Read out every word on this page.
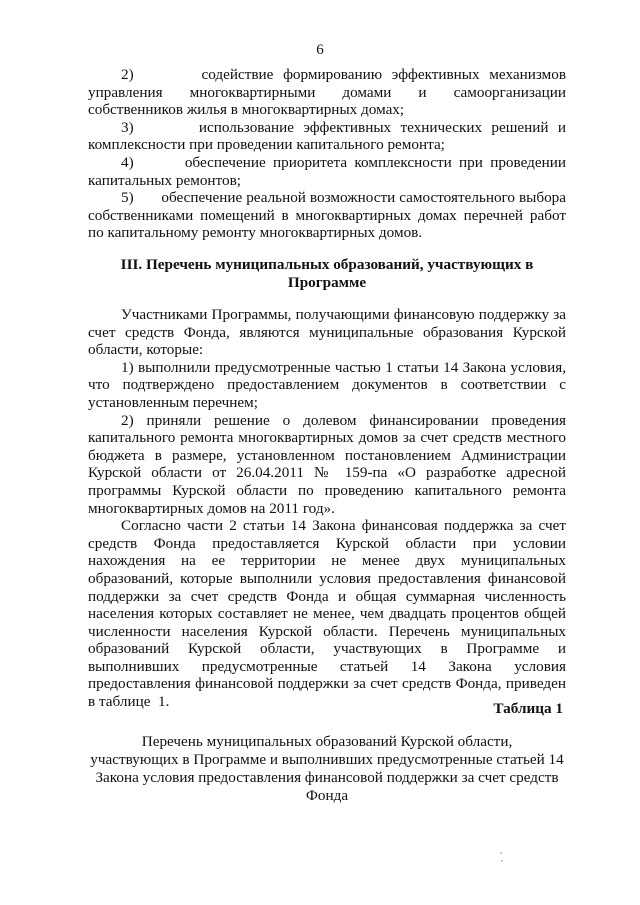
6

2)       содействие формированию эффективных механизмов управления многоквартирными домами и самоорганизации собственников жилья в многоквартирных домах;

3)       использование эффективных технических решений и комплексности при проведении капитального ремонта;

4)       обеспечение приоритета комплексности при проведении капитальных ремонтов;

5)       обеспечение реальной возможности самостоятельного выбора собственниками помещений в многоквартирных домах перечней работ по капитальному ремонту многоквартирных домов.

III. Перечень муниципальных образований, участвующих в
Программе

Участниками Программы, получающими финансовую поддержку за счет средств Фонда, являются муниципальные образования Курской области, которые:

1) выполнили предусмотренные частью 1 статьи 14 Закона условия, что подтверждено предоставлением документов в соответствии с установленным перечнем;

2) приняли решение о долевом финансировании проведения капитального ремонта многоквартирных домов за счет средств местного бюджета в размере, установленном постановлением Администрации Курской области от 26.04.2011 № 159-па «О разработке адресной программы Курской области по проведению капитального ремонта многоквартирных домов на 2011 год».

Согласно части 2 статьи 14 Закона финансовая поддержка за счет средств Фонда предоставляется Курской области при условии нахождения на ее территории не менее двух муниципальных образований, которые выполнили условия предоставления финансовой поддержки за счет средств Фонда и общая суммарная численность населения которых составляет не менее, чем двадцать процентов общей численности населения Курской области. Перечень муниципальных образований Курской области, участвующих в Программе и выполнивших предусмотренные статьей 14 Закона условия предоставления финансовой поддержки за счет средств Фонда, приведен в таблице  1.	Таблица 1
Перечень муниципальных образований Курской области,
участвующих в Программе и выполнивших предусмотренные статьей 14
Закона условия предоставления финансовой поддержки за счет средств
Фонда
